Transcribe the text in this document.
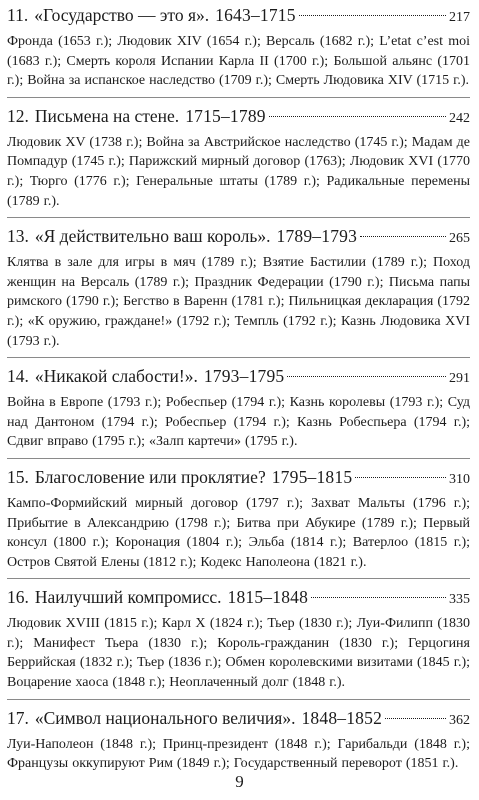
11. «Государство — это я». 1643–1715	217

Фронда (1653 г.); Людовик XIV (1654 г.); Версаль (1682 г.); L’etat c’est moi (1683 г.); Смерть короля Испании Карла II (1700 г.); Большой альянс (1701 г.); Война за испанское наследство (1709 г.); Смерть Людовика XIV (1715 г.).

12. Письмена на стене. 1715–1789	242

Людовик XV (1738 г.); Война за Австрийское наследство (1745 г.); Мадам де Помпадур (1745 г.); Парижский мирный договор (1763); Людовик XVI (1770 г.); Тюрго (1776 г.); Генеральные штаты (1789 г.); Радикальные перемены (1789 г.).

13. «Я действительно ваш король». 1789–1793	265

Клятва в зале для игры в мяч (1789 г.); Взятие Бастилии (1789 г.); Поход женщин на Версаль (1789 г.); Праздник Федерации (1790 г.); Письма папы римского (1790 г.); Бегство в Варенн (1781 г.); Пильницкая декларация (1792 г.); «К оружию, граждане!» (1792 г.); Темпль (1792 г.); Казнь Людовика XVI (1793 г.).

14. «Никакой слабости!». 1793–1795	291

Война в Европе (1793 г.); Робеспьер (1794 г.); Казнь королевы (1793 г.); Суд над Дантоном (1794 г.); Робеспьер (1794 г.); Казнь Робеспьера (1794 г.); Сдвиг вправо (1795 г.); «Залп картечи» (1795 г.).

15. Благословение или проклятие? 1795–1815	310

Кампо-Формийский мирный договор (1797 г.); Захват Мальты (1796 г.); Прибытие в Александрию (1798 г.); Битва при Абукире (1789 г.); Первый консул (1800 г.); Коронация (1804 г.); Эльба (1814 г.); Ватерлоо (1815 г.); Остров Святой Елены (1812 г.); Кодекс Наполеона (1821 г.).

16. Наилучший компромисс. 1815–1848	335

Людовик XVIII (1815 г.); Карл X (1824 г.); Тьер (1830 г.); Луи-Филипп (1830 г.); Манифест Тьера (1830 г.); Король-гражданин (1830 г.); Герцогиня Беррийская (1832 г.); Тьер (1836 г.); Обмен королевскими визитами (1845 г.); Воцарение хаоса (1848 г.); Неоплаченный долг (1848 г.).

17. «Символ национального величия». 1848–1852	362

Луи-Наполеон (1848 г.); Принц-президент (1848 г.); Гарибальди (1848 г.); Французы оккупируют Рим (1849 г.); Государственный переворот (1851 г.).

9
